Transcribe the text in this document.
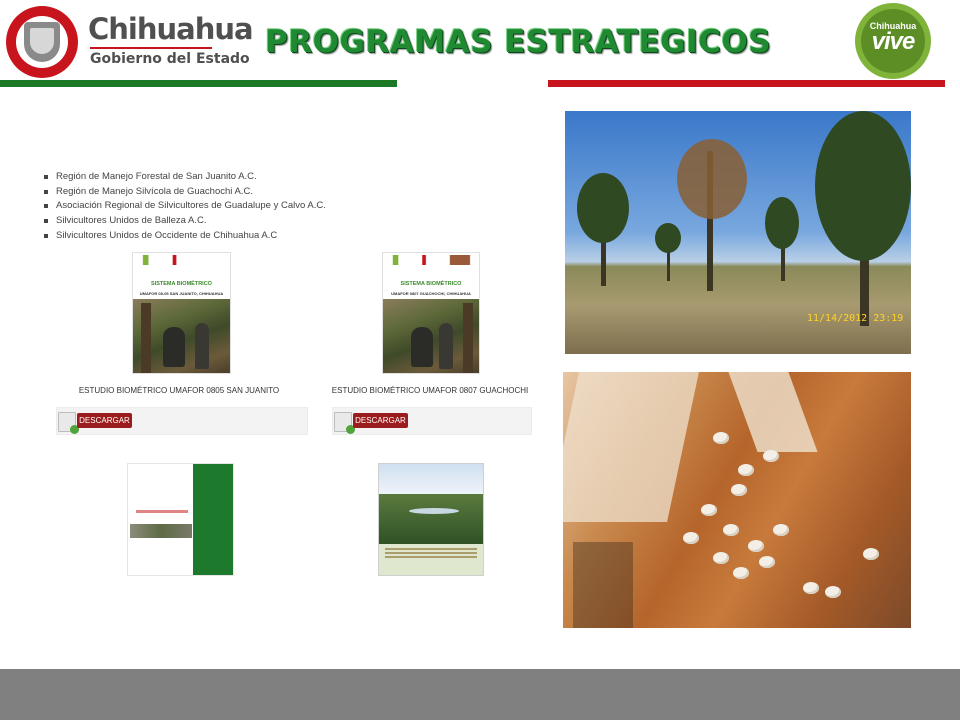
Chihuahua
Gobierno del Estado PROGRAMAS ESTRATEGICOS	Chihuahua
vive
Región de Manejo Forestal de San Juanito A.C.
Región de Manejo Silvícola de Guachochi A.C.
Asociación Regional de Silvicultores de Guadalupe y Calvo A.C.
Silvicultores Unidos de Balleza A.C.
Silvicultores Unidos de Occidente de Chihuahua A.C
SISTEMA BIOMÉTRICO
UMAFOR 08-05 SAN JUANITO, CHIHUAHUA
ESTUDIO BIOMÉTRICO UMAFOR 0805 SAN JUANITO
DESCARGAR
SISTEMA BIOMÉTRICO
UMAFOR 0807 GUACHOCHI, CHIHUAHUA
ESTUDIO BIOMÉTRICO UMAFOR 0807 GUACHOCHI
DESCARGAR
11/14/2012 23:19
